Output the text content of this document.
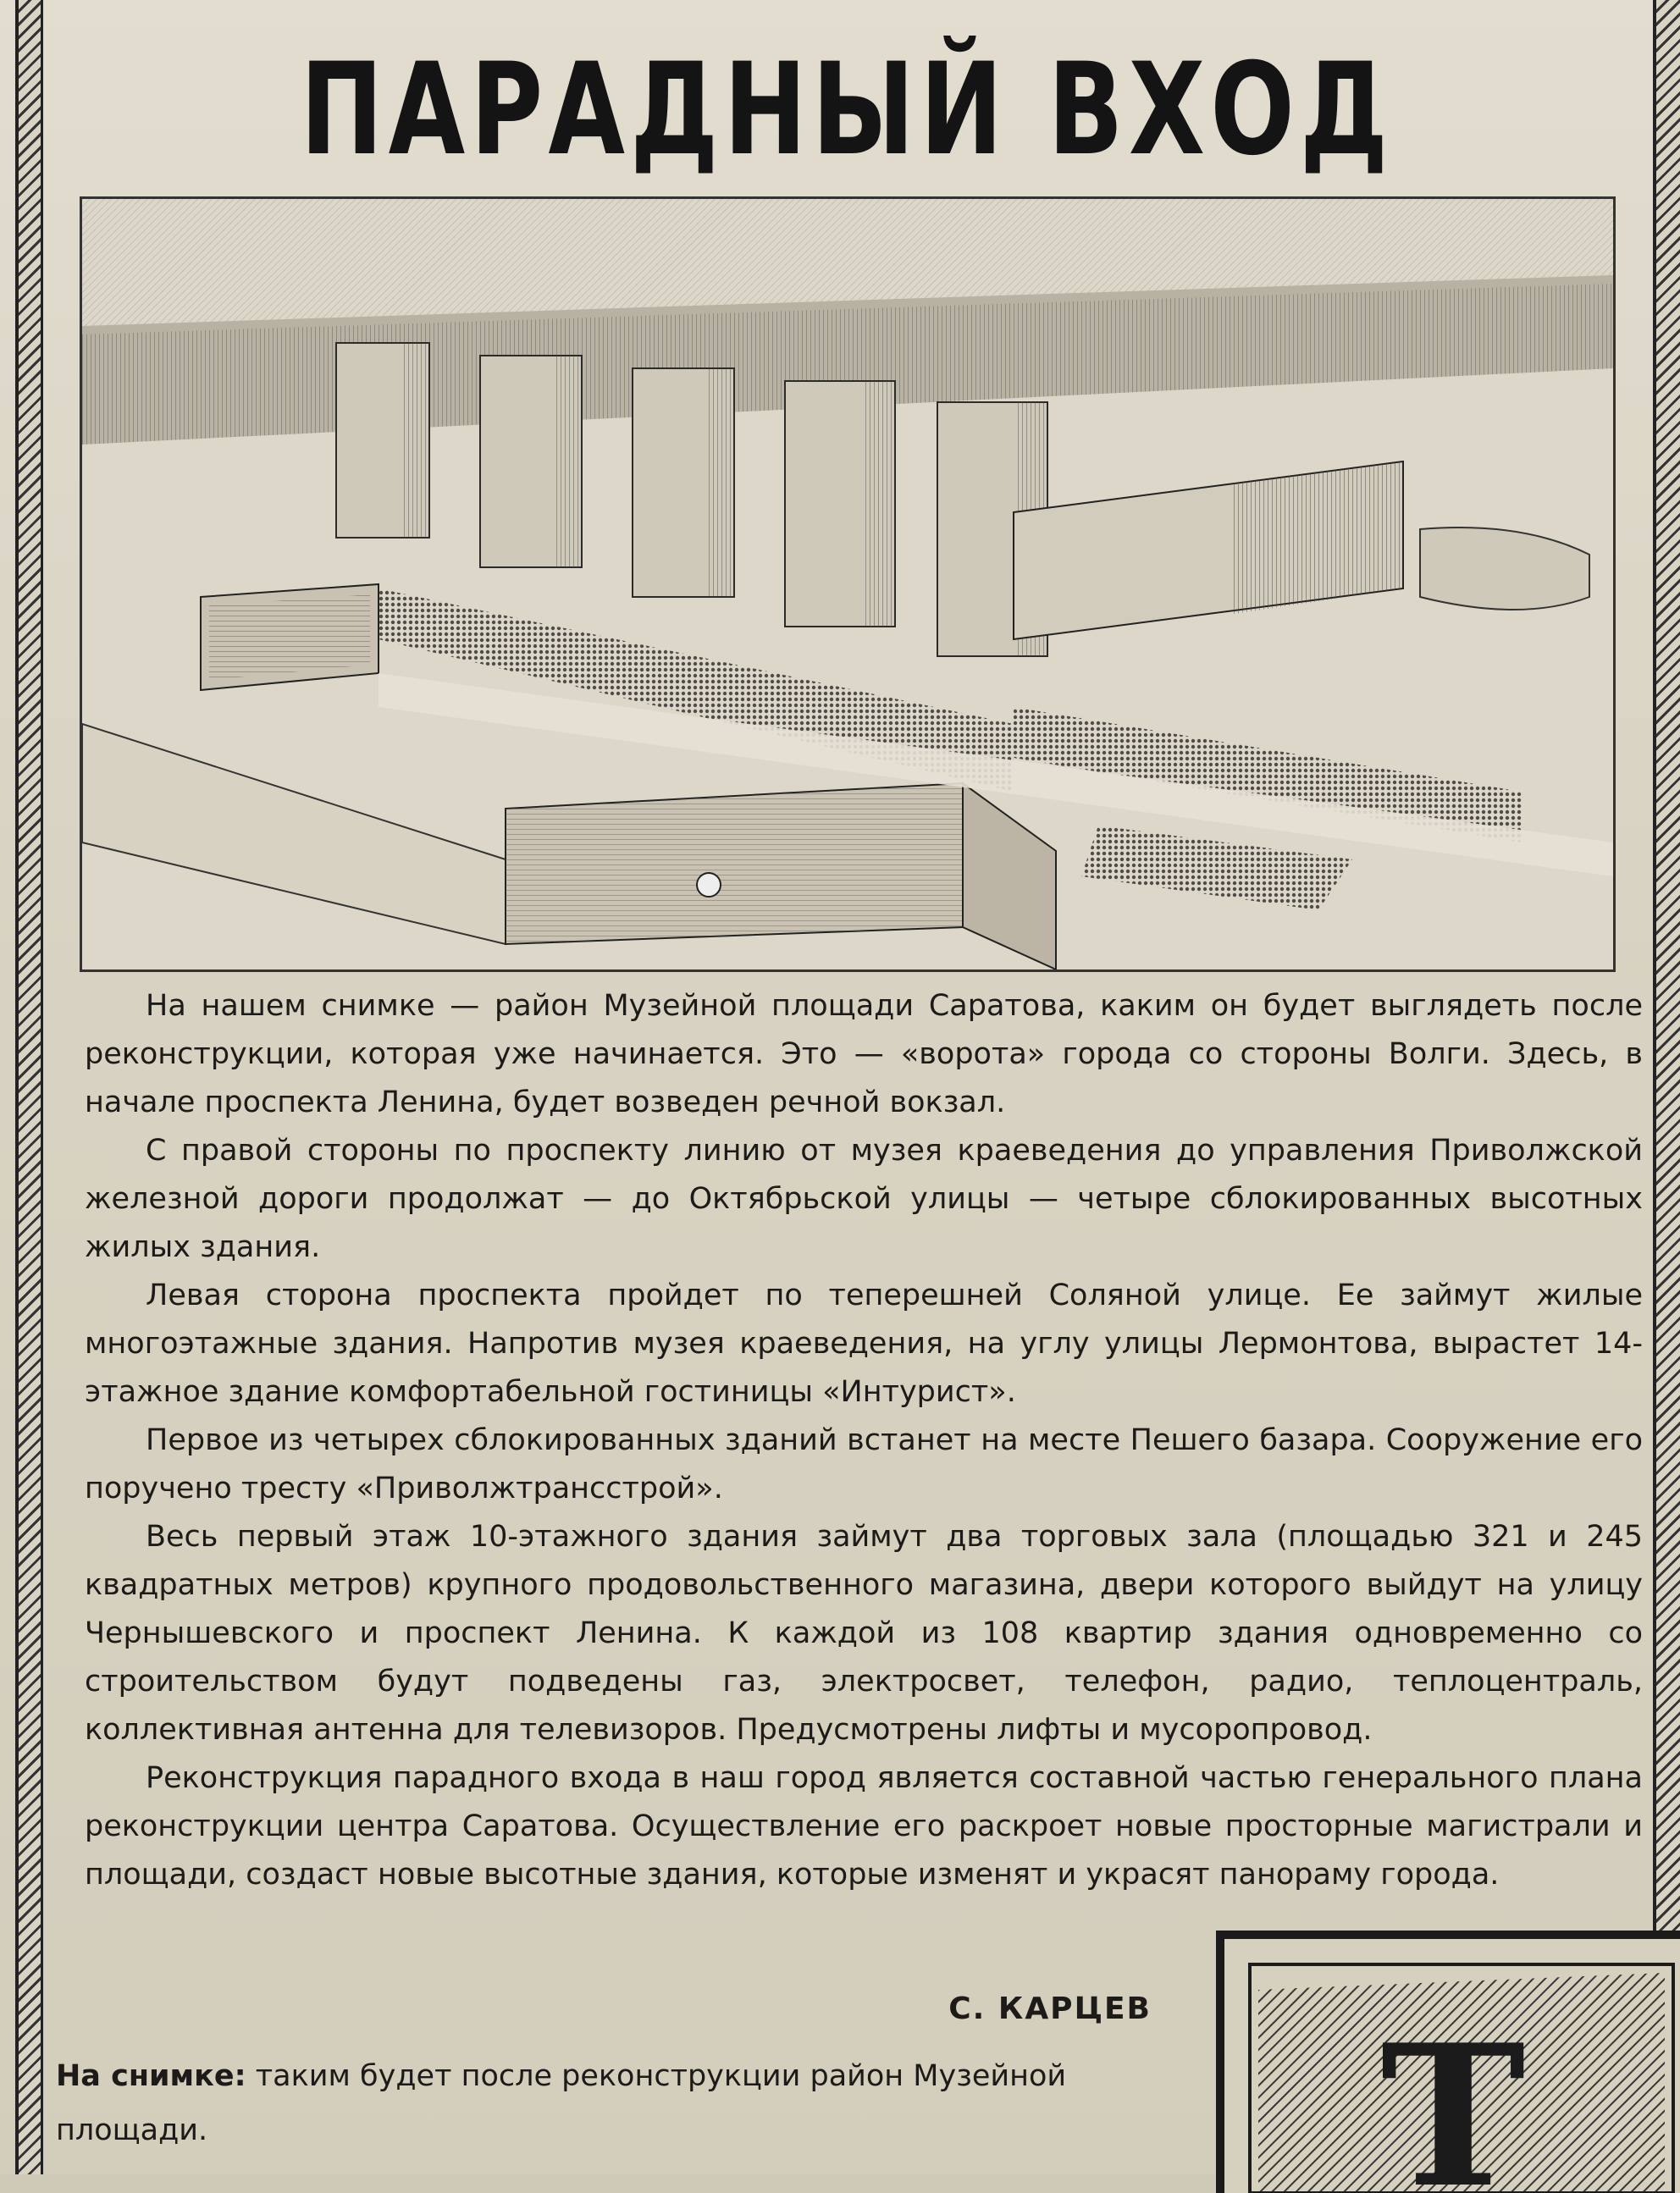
ПАРАДНЫЙ ВХОД

На нашем снимке — район Музейной площади Саратова, каким он будет выглядеть после реконструкции, которая уже начинается. Это — «ворота» города со стороны Волги. Здесь, в начале проспекта Ленина, будет возведен речной вокзал.

С правой стороны по проспекту линию от музея краеведения до управления Приволжской железной дороги продолжат — до Октябрьской улицы — четыре сблокированных высотных жилых здания.

Левая сторона проспекта пройдет по теперешней Соляной улице. Ее займут жилые многоэтажные здания. Напротив музея краеведения, на углу улицы Лермонтова, вырастет 14-этажное здание комфортабельной гостиницы «Интурист».

Первое из четырех сблокированных зданий встанет на месте Пешего базара. Сооружение его поручено тресту «Приволжтрансстрой».

Весь первый этаж 10-этажного здания займут два торговых зала (площадью 321 и 245 квадратных метров) крупного продовольственного магазина, двери которого выйдут на улицу Чернышевского и проспект Ленина. К каждой из 108 квартир здания одновременно со строительством будут подведены газ, электросвет, телефон, радио, теплоцентраль, коллективная антенна для телевизоров. Предусмотрены лифты и мусоропровод.

Реконструкция парадного входа в наш город является составной частью генерального плана реконструкции центра Саратова. Осуществление его раскроет новые просторные магистрали и площади, создаст новые высотные здания, которые изменят и украсят панораму города.

С. КАРЦЕВ
На снимке: таким будет после реконструкции район Музейной площади.	Т
